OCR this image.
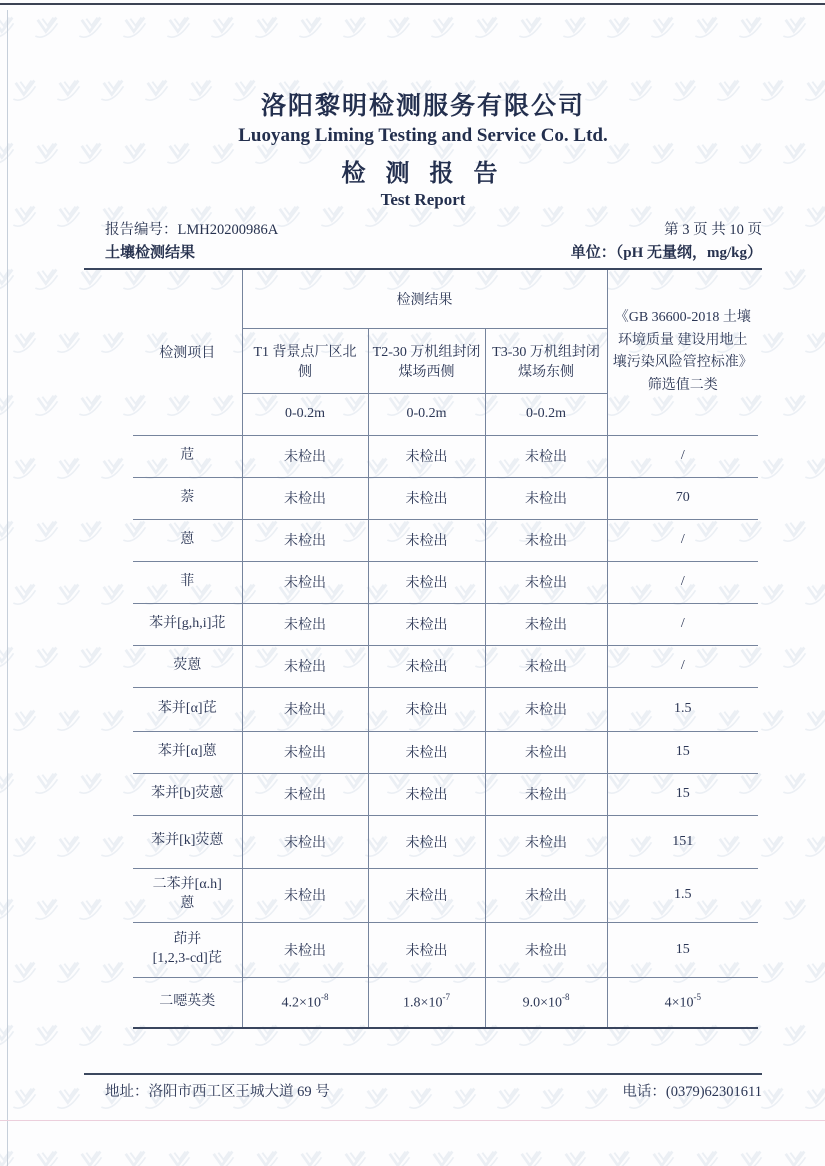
洛阳黎明检测服务有限公司
Luoyang Liming Testing and Service Co. Ltd.
检 测 报 告
Test Report
报告编号：LMH20200986A	第 3 页 共 10 页
土壤检测结果	单位：（pH 无量纲，mg/kg）
检测项目	检测结果			《GB 36600-2018 土壤环境质量 建设用地土壤污染风险管控标准》筛选值二类
	T1 背景点厂区北侧	T2-30 万机组封闭煤场西侧	T3-30 万机组封闭煤场东侧	
	0-0.2m	0-0.2m	0-0.2m	
苊	未检出	未检出	未检出	/
萘	未检出	未检出	未检出	70
蒽	未检出	未检出	未检出	/
菲	未检出	未检出	未检出	/
苯并[g,h,i]苝	未检出	未检出	未检出	/
荧蒽	未检出	未检出	未检出	/
苯并[α]芘	未检出	未检出	未检出	1.5
苯并[α]蒽	未检出	未检出	未检出	15
苯并[b]荧蒽	未检出	未检出	未检出	15
苯并[k]荧蒽	未检出	未检出	未检出	151
二苯并[α.h]
蒽	未检出	未检出	未检出	1.5
茚并
[1,2,3-cd]芘	未检出	未检出	未检出	15
二噁英类	$4.2\times 10^{-8}$	$1.8\times 10^{-7}$	$9.0\times 10^{-8}$	$4\times 10^{-5}$
地址：洛阳市西工区王城大道 69 号	电话：(0379)62301611
